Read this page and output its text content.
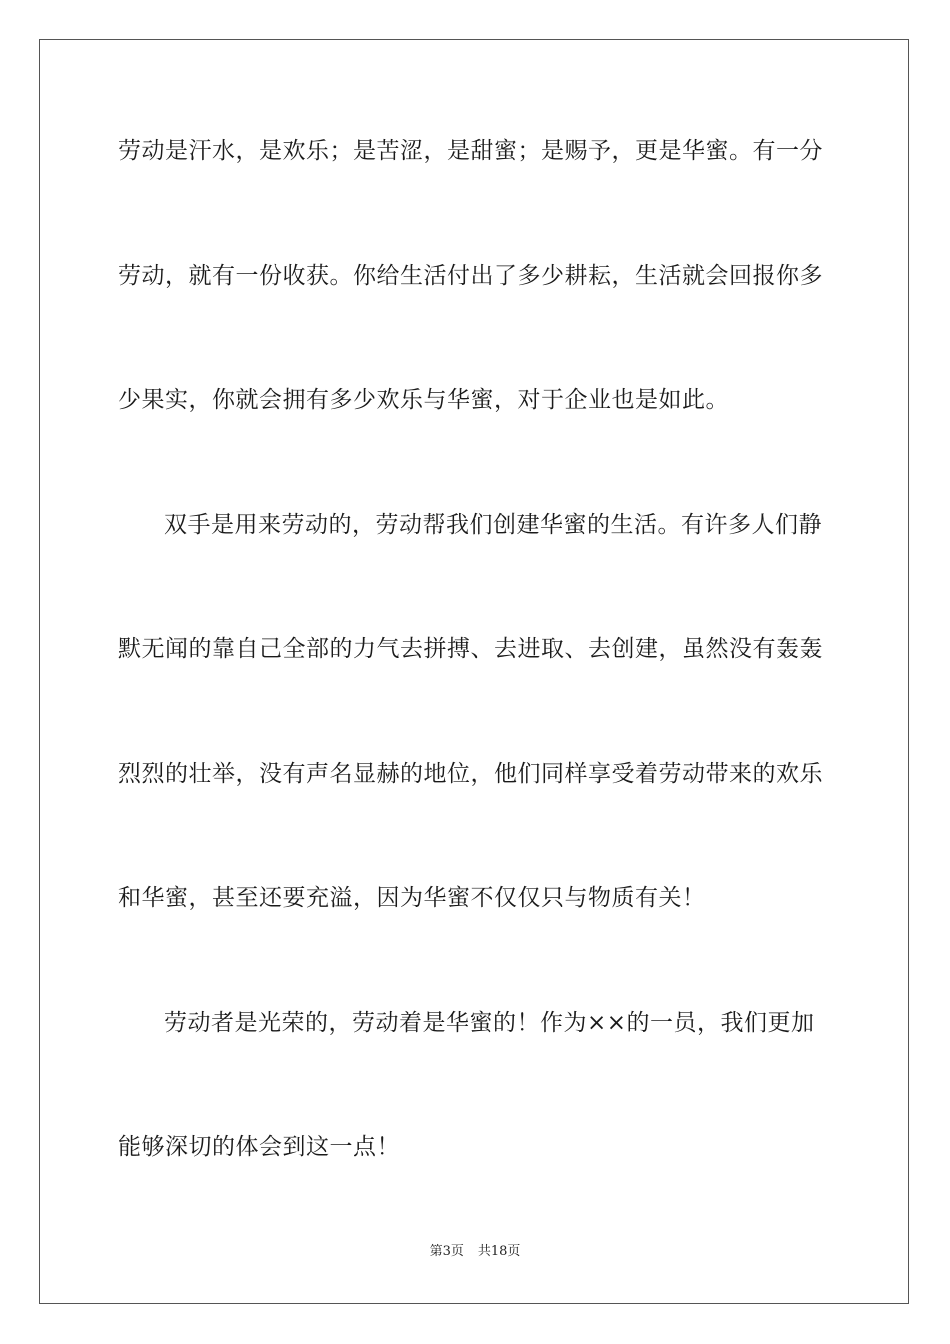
劳动是汗水，是欢乐；是苦涩，是甜蜜；是赐予，更是华蜜。有一分
劳动，就有一份收获。你给生活付出了多少耕耘，生活就会回报你多
少果实，你就会拥有多少欢乐与华蜜，对于企业也是如此。
双手是用来劳动的，劳动帮我们创建华蜜的生活。有许多人们静
默无闻的靠自己全部的力气去拼搏、去进取、去创建，虽然没有轰轰
烈烈的壮举，没有声名显赫的地位，他们同样享受着劳动带来的欢乐
和华蜜，甚至还要充溢，因为华蜜不仅仅只与物质有关！
劳动者是光荣的，劳动着是华蜜的！作为××的一员，我们更加
能够深切的体会到这一点！
第3页 共18页
